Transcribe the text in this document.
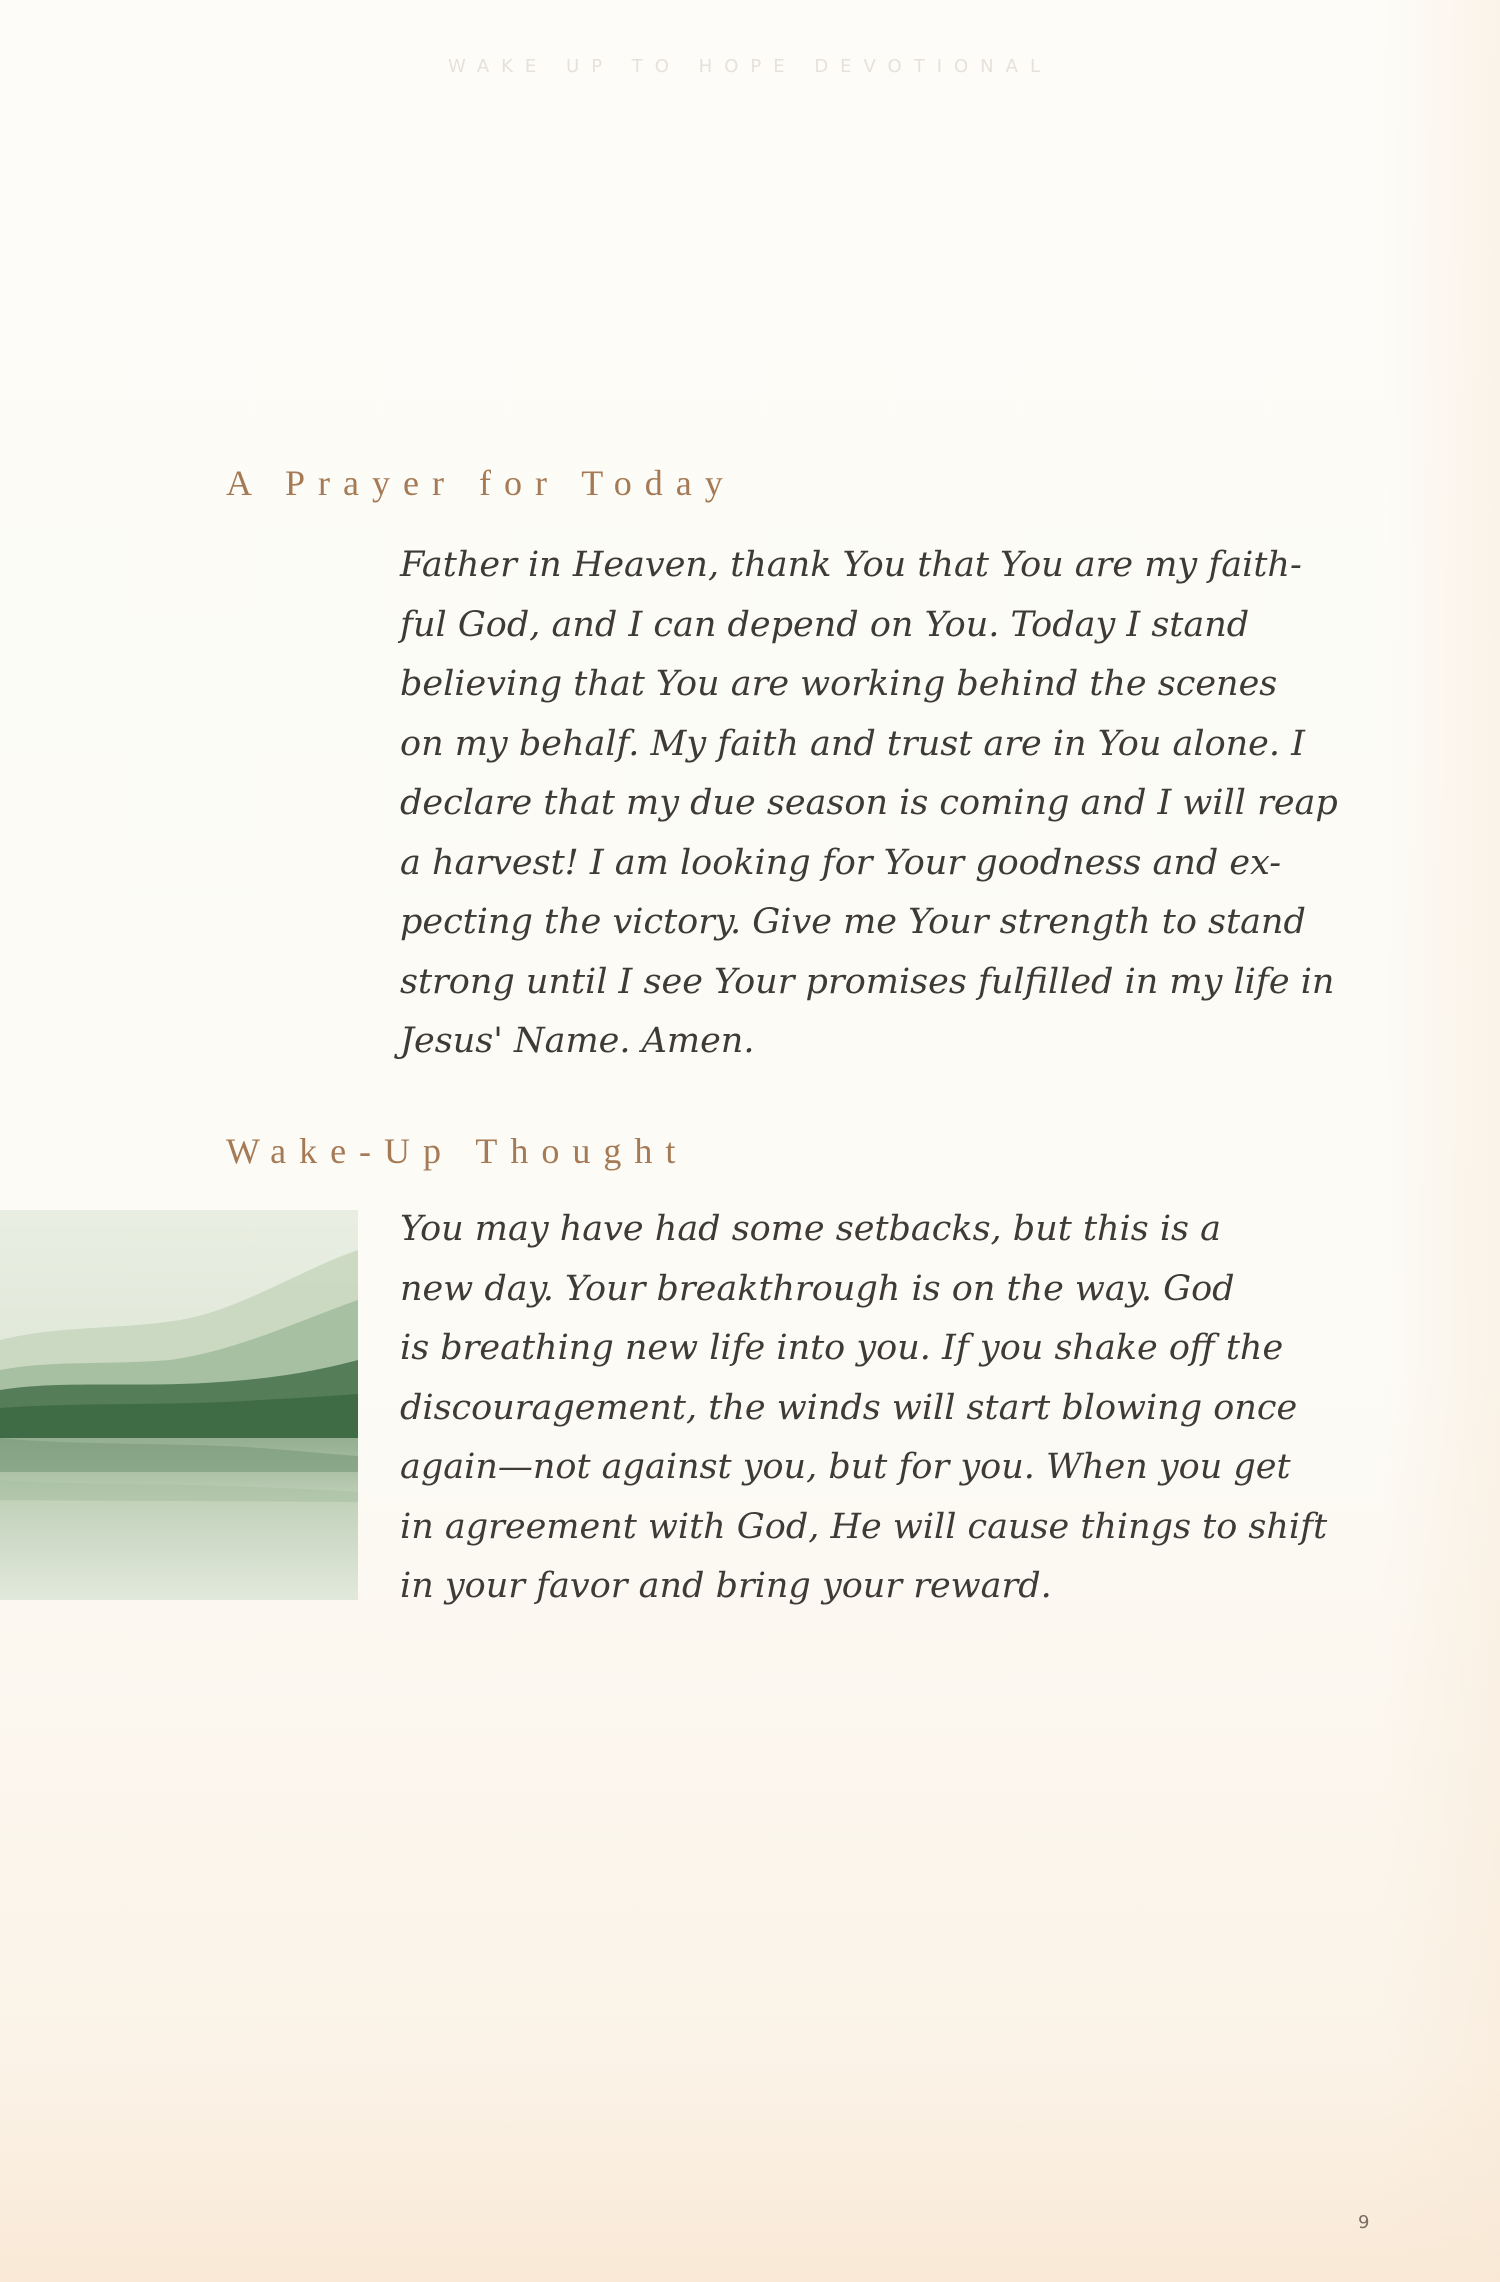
WAKE UP TO HOPE DEVOTIONAL
A Prayer for Today

Father in Heaven, thank You that You are my faith-
ful God, and I can depend on You. Today I stand
believing that You are working behind the scenes
on my behalf. My faith and trust are in You alone. I
declare that my due season is coming and I will reap
a harvest! I am looking for Your goodness and ex-
pecting the victory. Give me Your strength to stand
strong until I see Your promises fulfilled in my life in
Jesus' Name. Amen.

Wake-Up Thought

You may have had some setbacks, but this is a
new day. Your breakthrough is on the way. God
is breathing new life into you. If you shake off the
discouragement, the winds will start blowing once
again—not against you, but for you. When you get
in agreement with God, He will cause things to shift
in your favor and bring your reward.

9
